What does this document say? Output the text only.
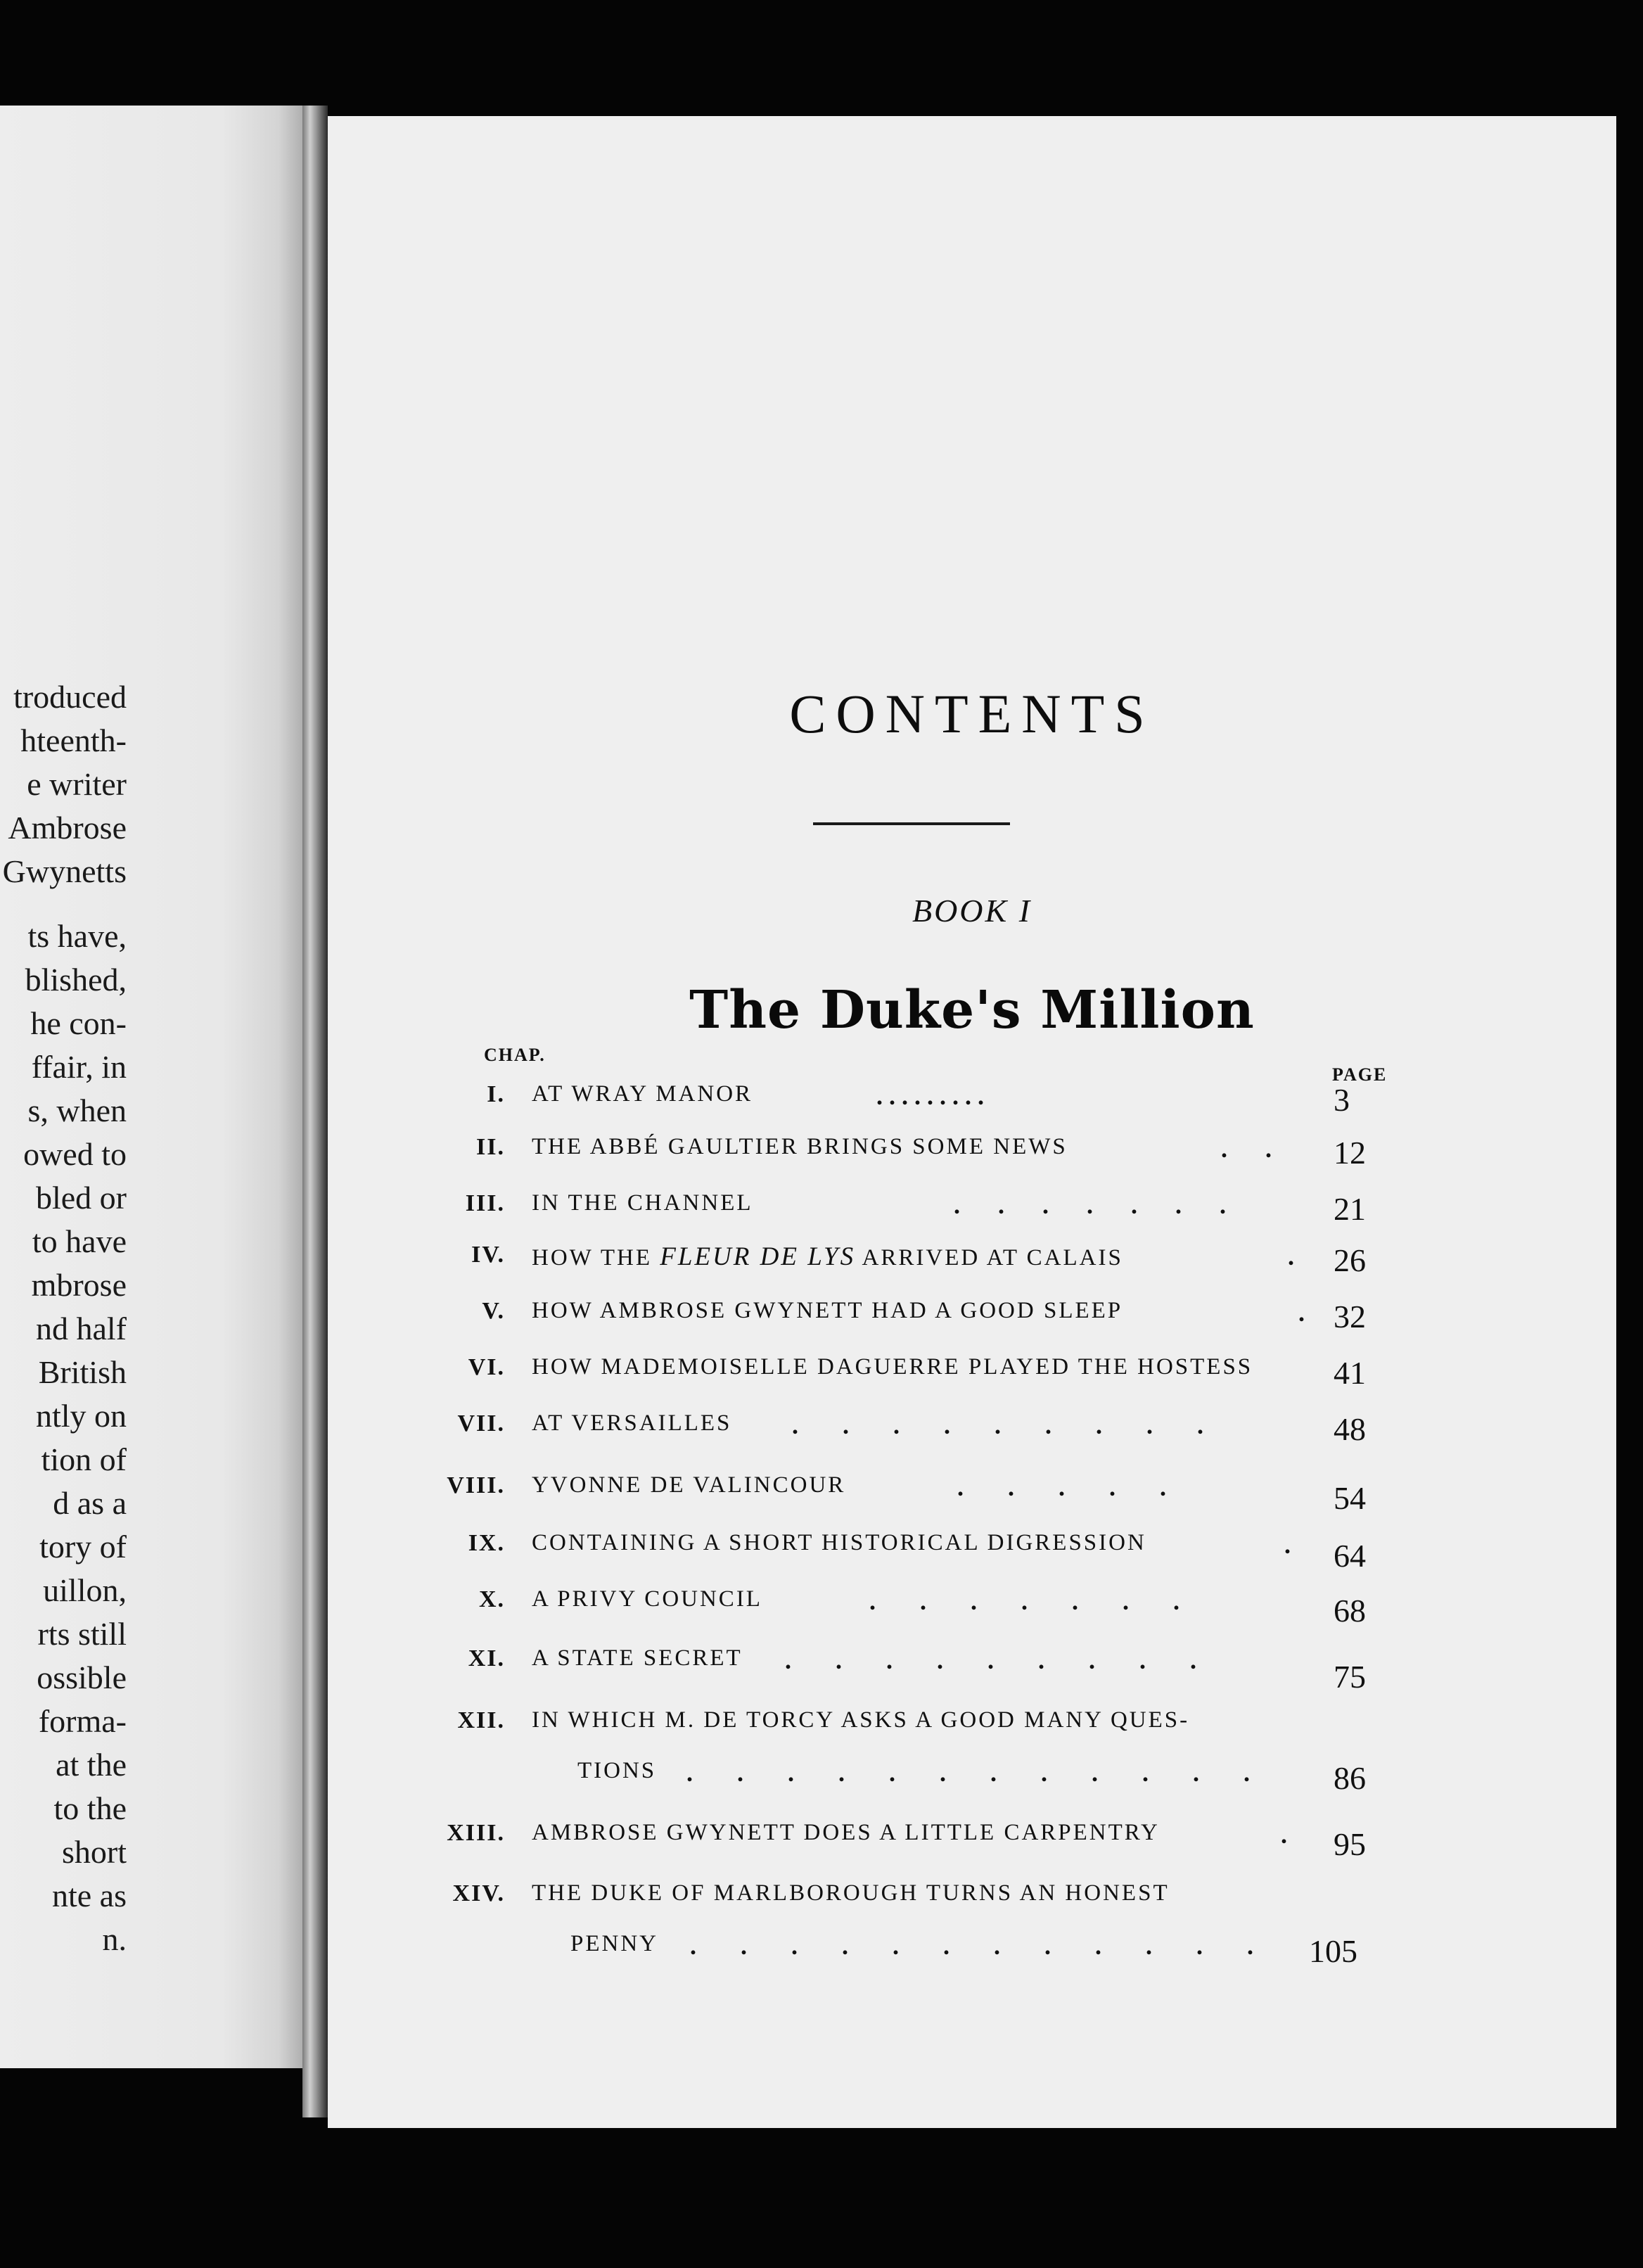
troduced
hteenth-
e writer
Ambrose
Gwynetts
ts have,
blished,
he con-
ffair, in
s, when
owed to
bled or
to have
mbrose
nd half
British
ntly on
tion of
d as a
tory of
uillon,
rts still
ossible
forma-
at the
to the
short
nte as
n.
CONTENTS
BOOK I
The Duke's Million
CHAP.
PAGE
I. AT WRAY MANOR	. . . . . . . . .	3
II. THE ABBÉ GAULTIER BRINGS SOME NEWS	.      . 12
III. IN THE CHANNEL	.      .      .      .      .      .      .	21
IV. HOW THE FLEUR DE LYS ARRIVED AT CALAIS	. 26
V. HOW AMBROSE GWYNETT HAD A GOOD SLEEP	. 32
VI. HOW MADEMOISELLE DAGUERRE PLAYED THE HOSTESS 41
VII. AT VERSAILLES .       .       .       .       .       .       .       .       .	48
VIII. YVONNE DE VALINCOUR	.       .       .       .       .	54
IX. CONTAINING A SHORT HISTORICAL DIGRESSION	. 64
X. A PRIVY COUNCIL	.       .       .       .       .       .       .	68
XI. A STATE SECRET .       .       .       .       .       .       .       .       .	75
XII. IN WHICH M. DE TORCY ASKS A GOOD MANY QUES-
TIONS .       .       .       .       .       .       .       .       .       .       .       .	86
XIII. AMBROSE GWYNETT DOES A LITTLE CARPENTRY	. 95
XIV. THE DUKE OF MARLBOROUGH TURNS AN HONEST
PENNY .       .       .       .       .       .       .       .       .       .       .       . 105
